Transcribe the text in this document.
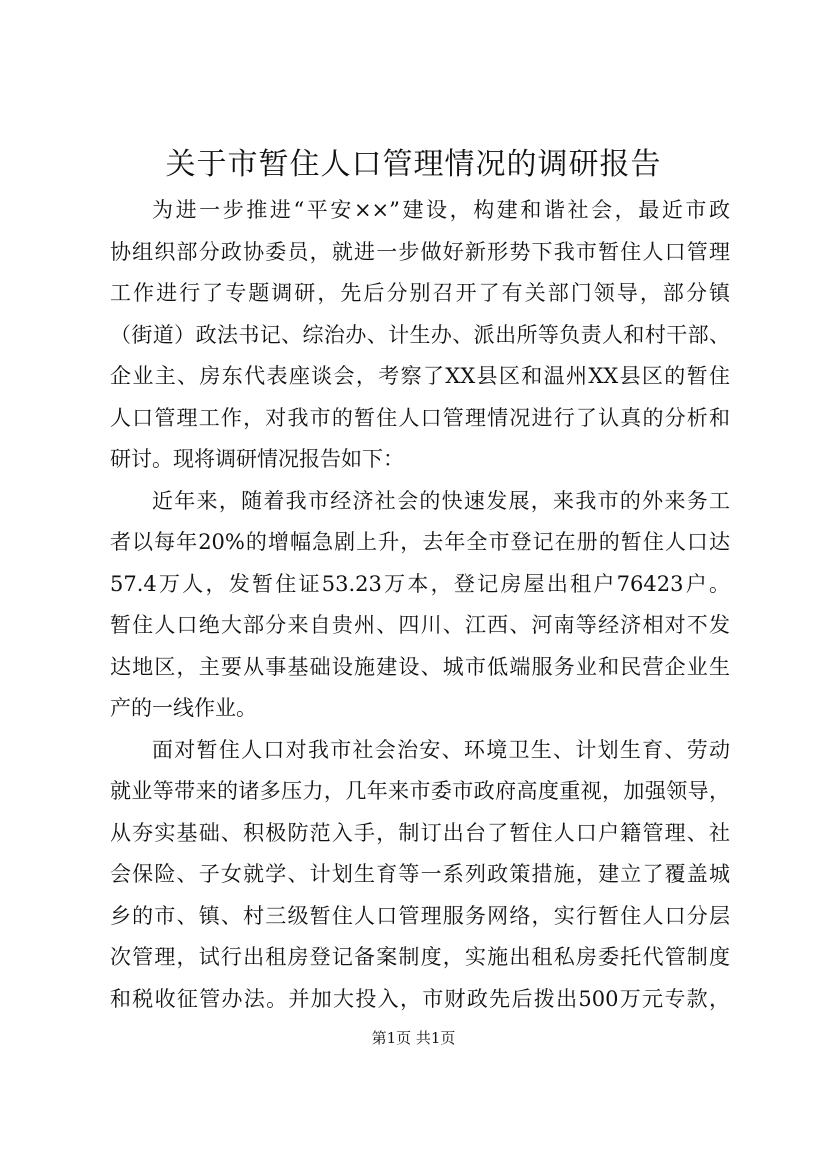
关于市暂住人口管理情况的调研报告
为进一步推进“平安××”建设，构建和谐社会，最近市政
协组织部分政协委员，就进一步做好新形势下我市暂住人口管理
工作进行了专题调研，先后分别召开了有关部门领导，部分镇
（街道）政法书记、综治办、计生办、派出所等负责人和村干部、
企业主、房东代表座谈会，考察了XX县区和温州XX县区的暂住
人口管理工作，对我市的暂住人口管理情况进行了认真的分析和
研讨。现将调研情况报告如下：
近年来，随着我市经济社会的快速发展，来我市的外来务工
者以每年20%的增幅急剧上升，去年全市登记在册的暂住人口达
57.4万人，发暂住证53.23万本，登记房屋出租户76423户。
暂住人口绝大部分来自贵州、四川、江西、河南等经济相对不发
达地区，主要从事基础设施建设、城市低端服务业和民营企业生
产的一线作业。
面对暂住人口对我市社会治安、环境卫生、计划生育、劳动
就业等带来的诸多压力，几年来市委市政府高度重视，加强领导，
从夯实基础、积极防范入手，制订出台了暂住人口户籍管理、社
会保险、子女就学、计划生育等一系列政策措施，建立了覆盖城
乡的市、镇、村三级暂住人口管理服务网络，实行暂住人口分层
次管理，试行出租房登记备案制度，实施出租私房委托代管制度
和税收征管办法。并加大投入，市财政先后拨出500万元专款，
第1页 共1页
